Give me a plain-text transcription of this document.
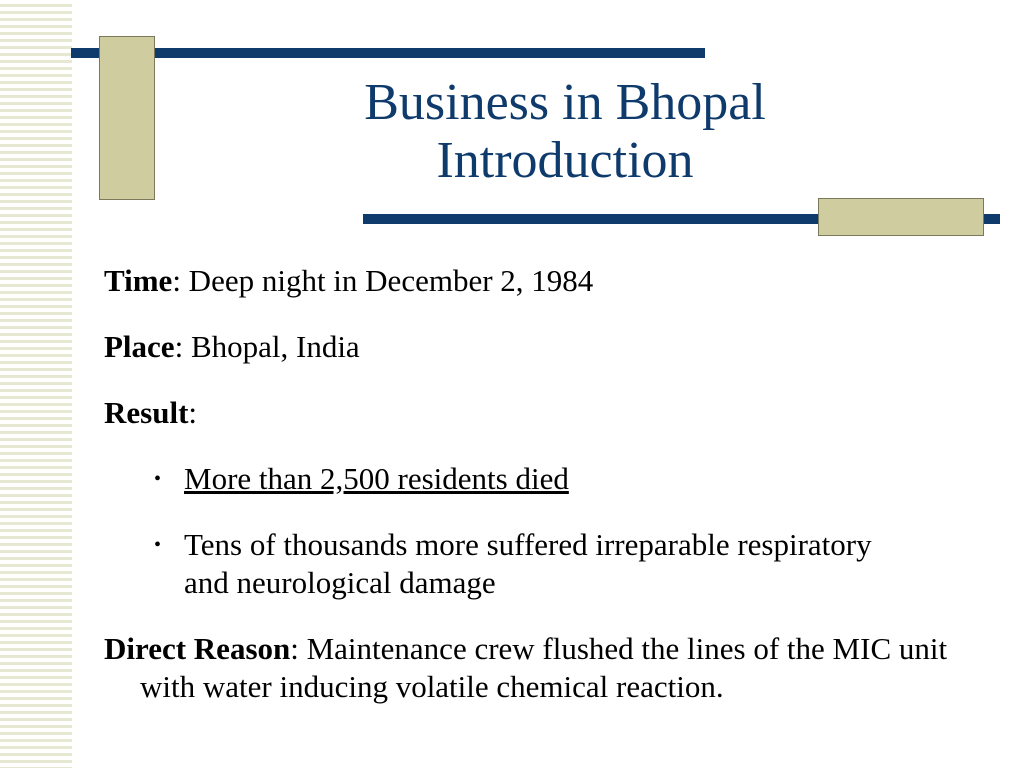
Business in Bhopal
Introduction
Time: Deep night in December 2, 1984
Place: Bhopal, India
Result:
• More than 2,500 residents died
• Tens of thousands more suffered irreparable respiratory and neurological damage
Direct Reason: Maintenance crew flushed the lines of the MIC unit with water inducing volatile chemical reaction.
